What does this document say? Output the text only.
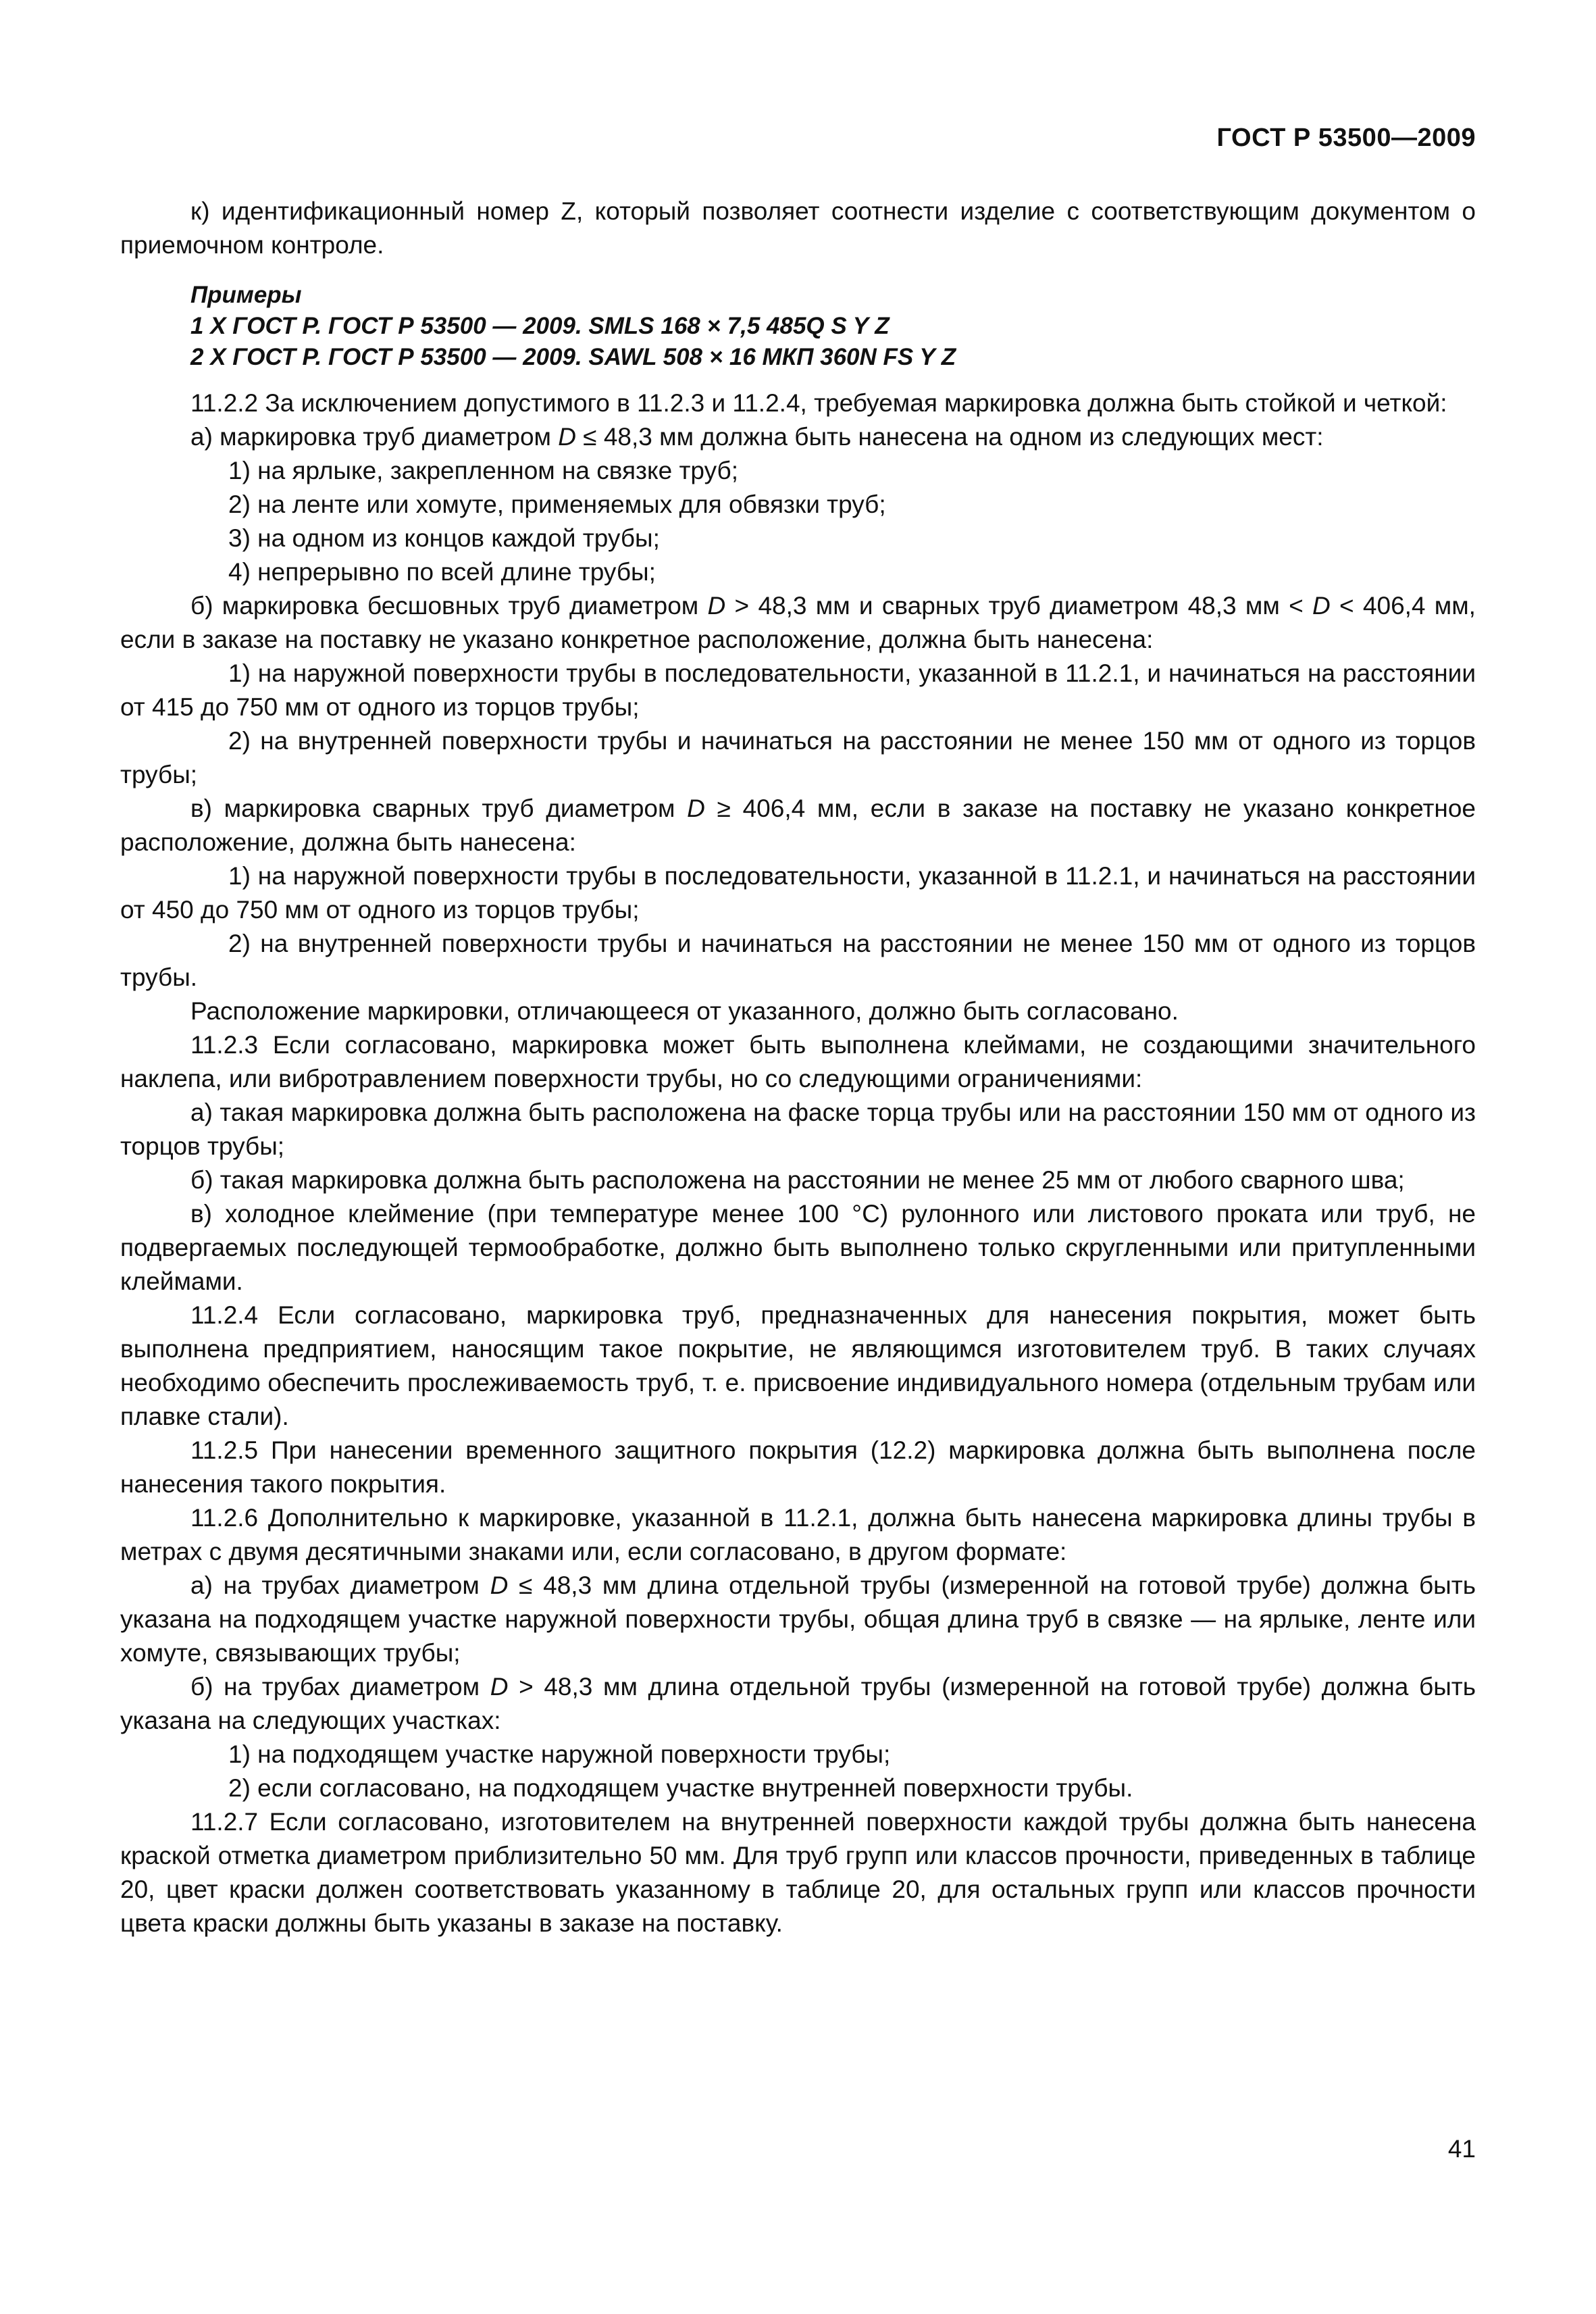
ГОСТ Р 53500—2009

к) идентификационный номер Z, который позволяет соотнести изделие с соответствующим документом о приемочном контроле.

Примеры

1 X ГОСТ Р. ГОСТ Р 53500 — 2009. SMLS 168 × 7,5 485Q S Y Z

2 X ГОСТ Р. ГОСТ Р 53500 — 2009. SAWL 508 × 16 МКП 360N FS Y Z

11.2.2 За исключением допустимого в 11.2.3 и 11.2.4, требуемая маркировка должна быть стойкой и четкой:

а) маркировка труб диаметром D ≤ 48,3 мм должна быть нанесена на одном из следующих мест:

1) на ярлыке, закрепленном на связке труб;

2) на ленте или хомуте, применяемых для обвязки труб;

3) на одном из концов каждой трубы;

4) непрерывно по всей длине трубы;

б) маркировка бесшовных труб диаметром D > 48,3 мм и сварных труб диаметром 48,3 мм < D < 406,4 мм, если в заказе на поставку не указано конкретное расположение, должна быть нанесена:

1) на наружной поверхности трубы в последовательности, указанной в 11.2.1, и начинаться на расстоянии от 415 до 750 мм от одного из торцов трубы;

2) на внутренней поверхности трубы и начинаться на расстоянии не менее 150 мм от одного из торцов трубы;

в) маркировка сварных труб диаметром D ≥ 406,4 мм, если в заказе на поставку не указано конкретное расположение, должна быть нанесена:

1) на наружной поверхности трубы в последовательности, указанной в 11.2.1, и начинаться на расстоянии от 450 до 750 мм от одного из торцов трубы;

2) на внутренней поверхности трубы и начинаться на расстоянии не менее 150 мм от одного из торцов трубы.

Расположение маркировки, отличающееся от указанного, должно быть согласовано.

11.2.3 Если согласовано, маркировка может быть выполнена клеймами, не создающими значительного наклепа, или вибротравлением поверхности трубы, но со следующими ограничениями:

а) такая маркировка должна быть расположена на фаске торца трубы или на расстоянии 150 мм от одного из торцов трубы;

б) такая маркировка должна быть расположена на расстоянии не менее 25 мм от любого сварного шва;

в) холодное клеймение (при температуре менее 100 °С) рулонного или листового проката или труб, не подвергаемых последующей термообработке, должно быть выполнено только скругленными или притупленными клеймами.

11.2.4 Если согласовано, маркировка труб, предназначенных для нанесения покрытия, может быть выполнена предприятием, наносящим такое покрытие, не являющимся изготовителем труб. В таких случаях необходимо обеспечить прослеживаемость труб, т. е. присвоение индивидуального номера (отдельным трубам или плавке стали).

11.2.5 При нанесении временного защитного покрытия (12.2) маркировка должна быть выполнена после нанесения такого покрытия.

11.2.6 Дополнительно к маркировке, указанной в 11.2.1, должна быть нанесена маркировка длины трубы в метрах с двумя десятичными знаками или, если согласовано, в другом формате:

а) на трубах диаметром D ≤ 48,3 мм длина отдельной трубы (измеренной на готовой трубе) должна быть указана на подходящем участке наружной поверхности трубы, общая длина труб в связке — на ярлыке, ленте или хомуте, связывающих трубы;

б) на трубах диаметром D > 48,3 мм длина отдельной трубы (измеренной на готовой трубе) должна быть указана на следующих участках:

1) на подходящем участке наружной поверхности трубы;

2) если согласовано, на подходящем участке внутренней поверхности трубы.

11.2.7 Если согласовано, изготовителем на внутренней поверхности каждой трубы должна быть нанесена краской отметка диаметром приблизительно 50 мм. Для труб групп или классов прочности, приведенных в таблице 20, цвет краски должен соответствовать указанному в таблице 20, для остальных групп или классов прочности цвета краски должны быть указаны в заказе на поставку.

41
